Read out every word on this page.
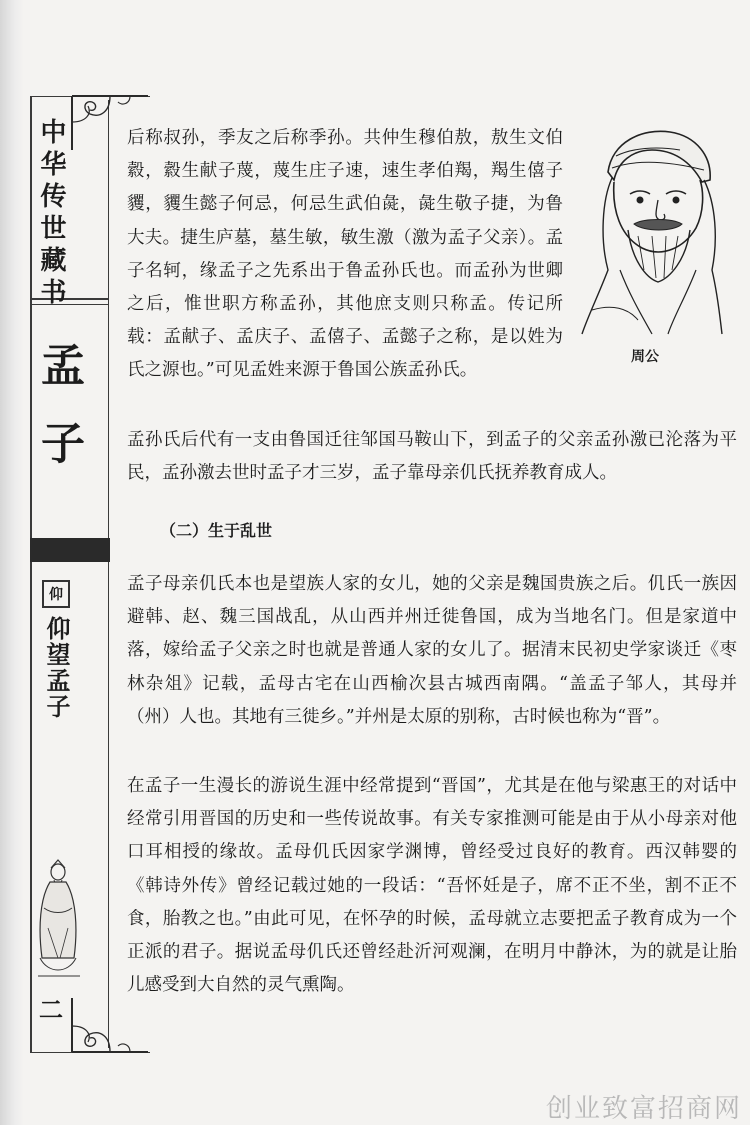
中华传世藏书
孟子
仰
仰望孟子
二
周公

后称叔孙，季友之后称季孙。共仲生穆伯敖，敖生文伯縠，縠生献子蔑，蔑生庄子速，速生孝伯羯，羯生僖子貜，貜生懿子何忌，何忌生武伯彘，彘生敬子捷，为鲁大夫。捷生庐墓，墓生敏，敏生激（激为孟子父亲）。孟子名轲，缘孟子之先系出于鲁孟孙氏也。而孟孙为世卿之后，惟世职方称孟孙，其他庶支则只称孟。传记所载：孟献子、孟庆子、孟僖子、孟懿子之称，是以姓为氏之源也。”可见孟姓来源于鲁国公族孟孙氏。

孟孙氏后代有一支由鲁国迁往邹国马鞍山下，到孟子的父亲孟孙激已沦落为平民，孟孙激去世时孟子才三岁，孟子靠母亲仉氏抚养教育成人。

（二）生于乱世

孟子母亲仉氏本也是望族人家的女儿，她的父亲是魏国贵族之后。仉氏一族因避韩、赵、魏三国战乱，从山西并州迁徙鲁国，成为当地名门。但是家道中落，嫁给孟子父亲之时也就是普通人家的女儿了。据清末民初史学家谈迁《枣林杂俎》记载，孟母古宅在山西榆次县古城西南隅。“盖孟子邹人，其母并（州）人也。其地有三徙乡。”并州是太原的别称，古时候也称为“晋”。

在孟子一生漫长的游说生涯中经常提到“晋国”，尤其是在他与梁惠王的对话中经常引用晋国的历史和一些传说故事。有关专家推测可能是由于从小母亲对他口耳相授的缘故。孟母仉氏因家学渊博，曾经受过良好的教育。西汉韩婴的《韩诗外传》曾经记载过她的一段话：“吾怀妊是子，席不正不坐，割不正不食，胎教之也。”由此可见，在怀孕的时候，孟母就立志要把孟子教育成为一个正派的君子。据说孟母仉氏还曾经赴沂河观澜，在明月中静沐，为的就是让胎儿感受到大自然的灵气熏陶。

创业致富招商网
